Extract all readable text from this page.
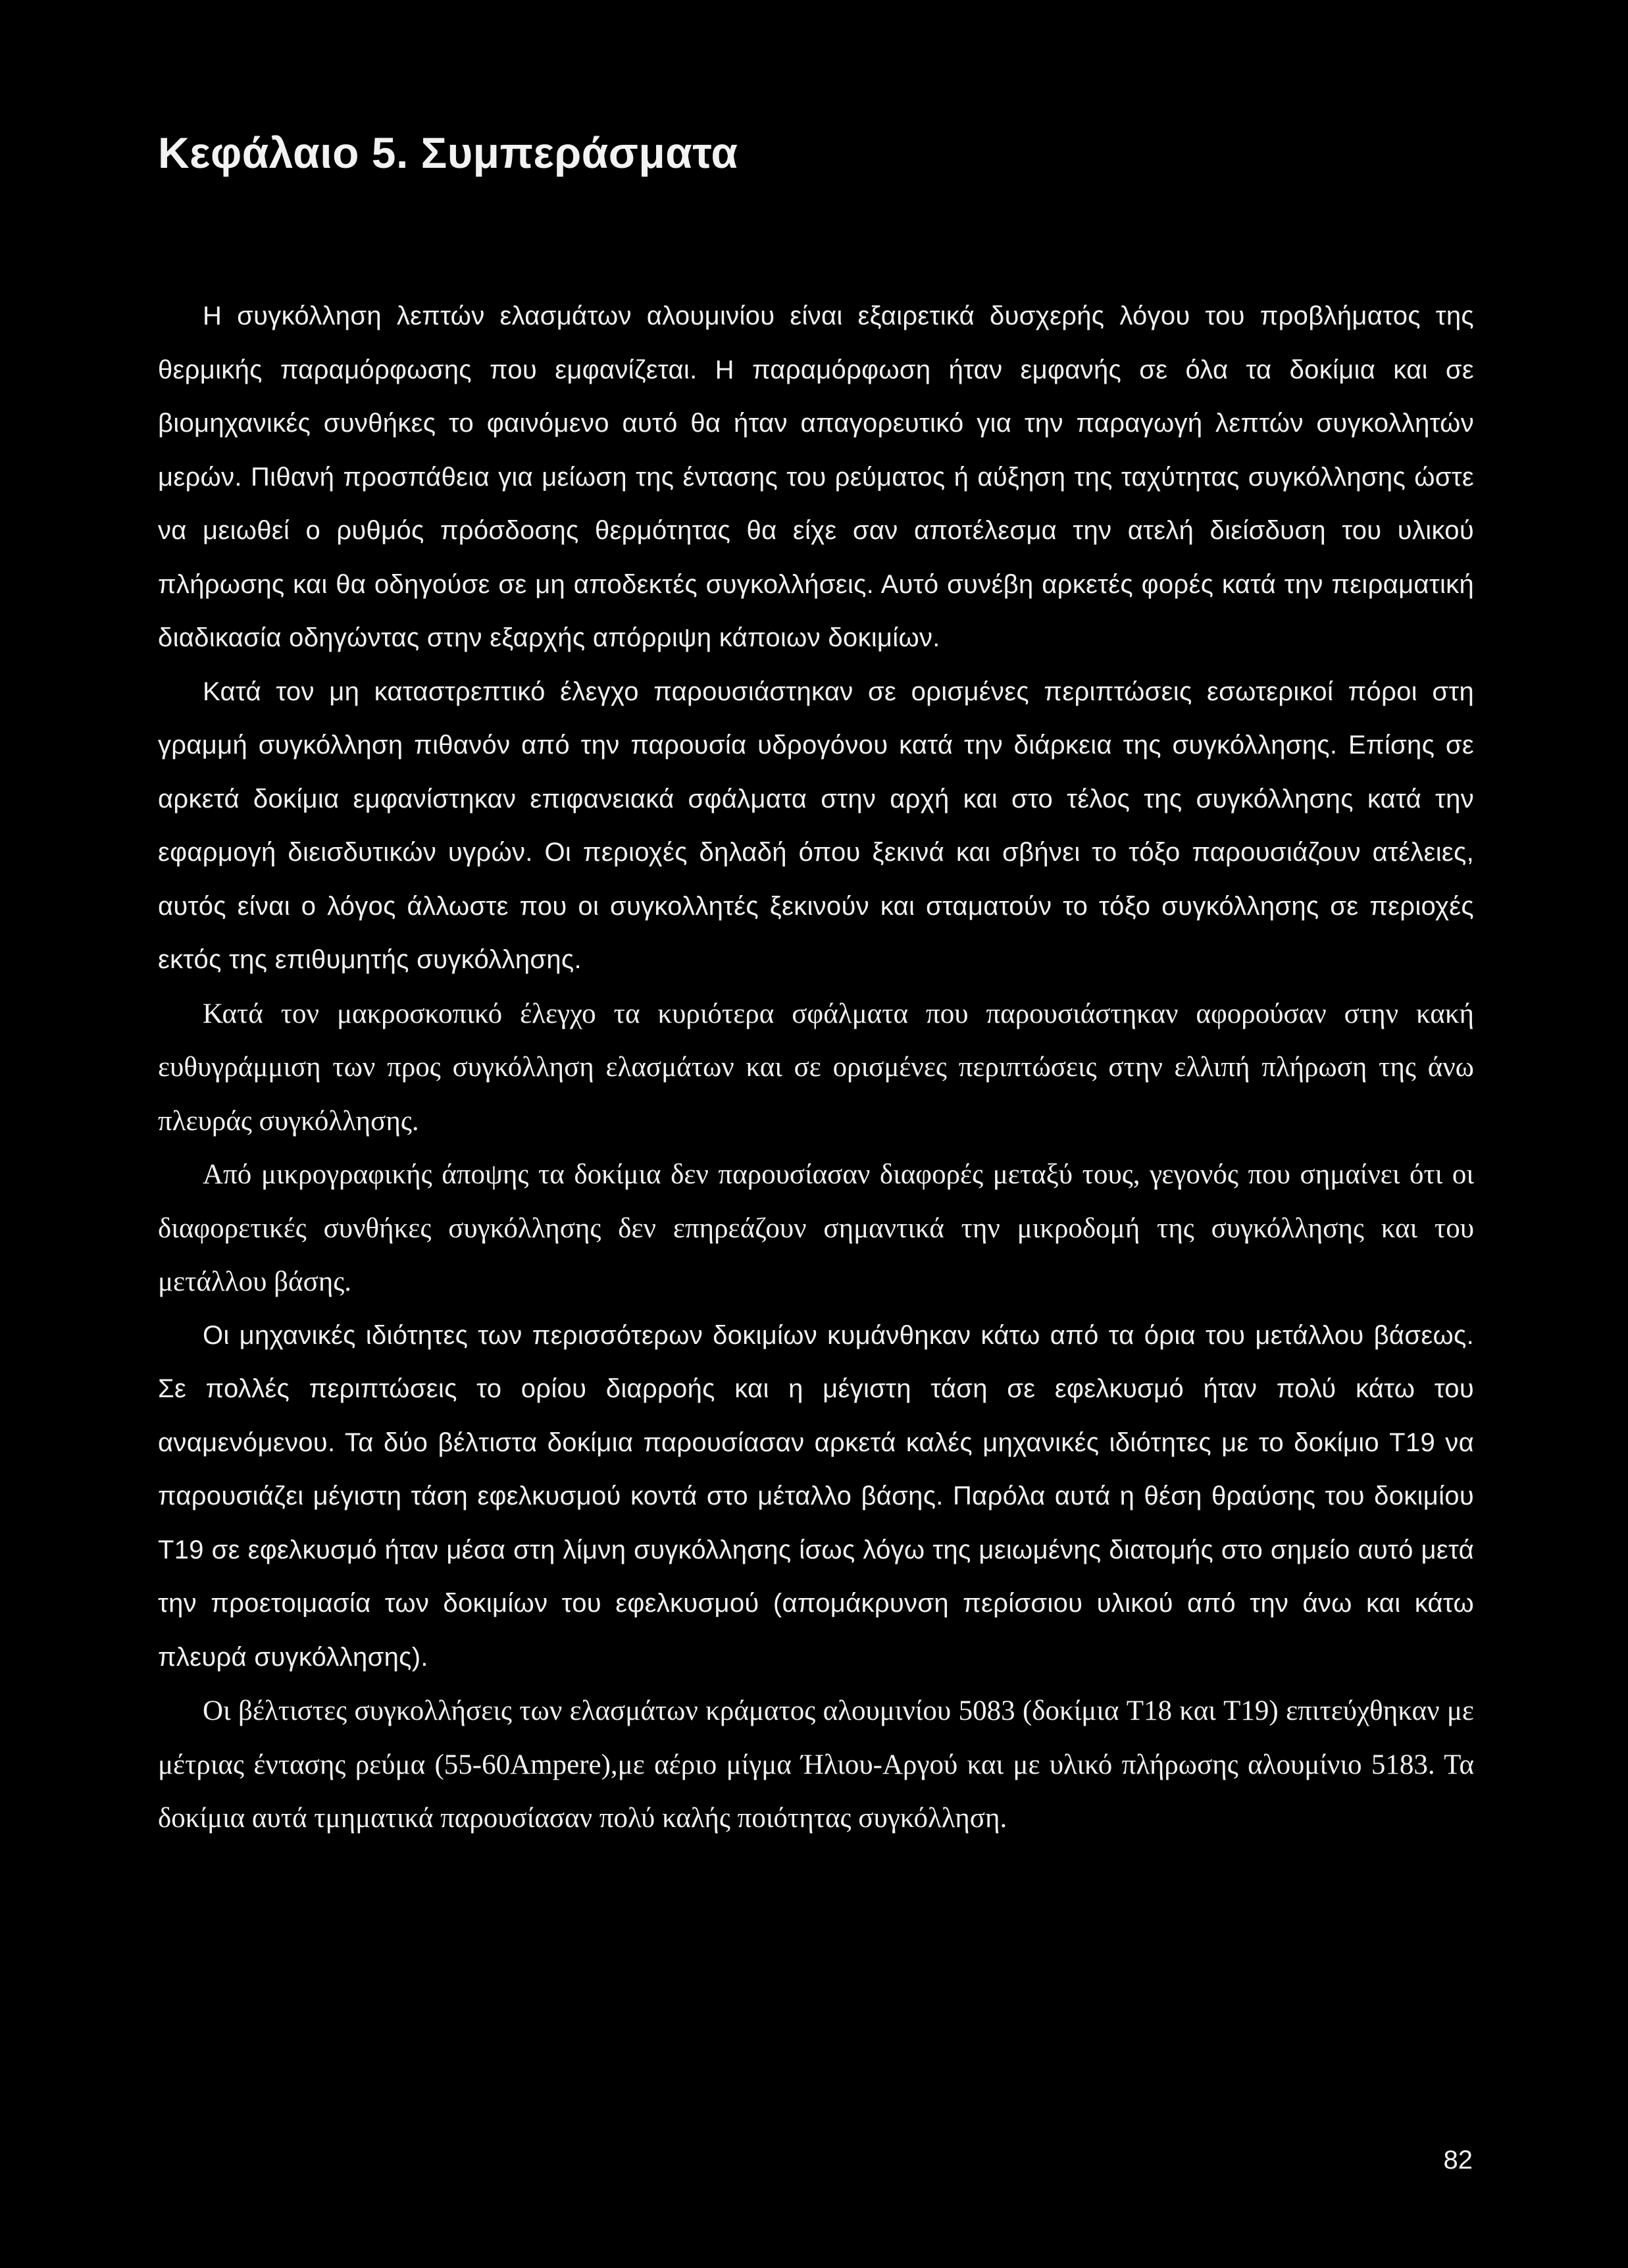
Κεφάλαιο 5. Συμπεράσματα

Η συγκόλληση λεπτών ελασμάτων αλουμινίου είναι εξαιρετικά δυσχερής λόγου του προβλήματος της θερμικής παραμόρφωσης που εμφανίζεται. Η παραμόρφωση ήταν εμφανής σε όλα τα δοκίμια και σε βιομηχανικές συνθήκες το φαινόμενο αυτό θα ήταν απαγορευτικό για την παραγωγή λεπτών συγκολλητών μερών. Πιθανή προσπάθεια για μείωση της έντασης του ρεύματος ή αύξηση της ταχύτητας συγκόλλησης ώστε να μειωθεί ο ρυθμός πρόσδοσης θερμότητας θα είχε σαν αποτέλεσμα την ατελή διείσδυση του υλικού πλήρωσης και θα οδηγούσε σε μη αποδεκτές συγκολλήσεις. Αυτό συνέβη αρκετές φορές κατά την πειραματική διαδικασία οδηγώντας στην εξαρχής απόρριψη κάποιων δοκιμίων.

Κατά τον μη καταστρεπτικό έλεγχο παρουσιάστηκαν σε ορισμένες περιπτώσεις εσωτερικοί πόροι στη γραμμή συγκόλληση πιθανόν από την παρουσία υδρογόνου κατά την διάρκεια της συγκόλλησης. Επίσης σε αρκετά δοκίμια εμφανίστηκαν επιφανειακά σφάλματα στην αρχή και στο τέλος της συγκόλλησης κατά την εφαρμογή διεισδυτικών υγρών. Οι περιοχές δηλαδή όπου ξεκινά και σβήνει το τόξο παρουσιάζουν ατέλειες, αυτός είναι ο λόγος άλλωστε που οι συγκολλητές ξεκινούν και σταματούν το τόξο συγκόλλησης σε περιοχές εκτός της επιθυμητής συγκόλλησης.

Κατά τον μακροσκοπικό έλεγχο τα κυριότερα σφάλματα που παρουσιάστηκαν αφορούσαν στην κακή ευθυγράμμιση των προς συγκόλληση ελασμάτων και σε ορισμένες περιπτώσεις στην ελλιπή πλήρωση της άνω πλευράς συγκόλλησης.

Από μικρογραφικής άποψης τα δοκίμια δεν παρουσίασαν διαφορές μεταξύ τους, γεγονός που σημαίνει ότι οι διαφορετικές συνθήκες συγκόλλησης δεν επηρεάζουν σημαντικά την μικροδομή της συγκόλλησης και του μετάλλου βάσης.

Οι μηχανικές ιδιότητες των περισσότερων δοκιμίων κυμάνθηκαν κάτω από τα όρια του μετάλλου βάσεως. Σε πολλές περιπτώσεις το ορίου διαρροής και η μέγιστη τάση σε εφελκυσμό ήταν πολύ κάτω του αναμενόμενου. Τα δύο βέλτιστα δοκίμια παρουσίασαν αρκετά καλές μηχανικές ιδιότητες με το δοκίμιο T19 να παρουσιάζει μέγιστη τάση εφελκυσμού κοντά στο μέταλλο βάσης. Παρόλα αυτά η θέση θραύσης του δοκιμίου T19 σε εφελκυσμό ήταν μέσα στη λίμνη συγκόλλησης ίσως λόγω της μειωμένης διατομής στο σημείο αυτό μετά την προετοιμασία των δοκιμίων του εφελκυσμού (απομάκρυνση περίσσιου υλικού από την άνω και κάτω πλευρά συγκόλλησης).

Οι βέλτιστες συγκολλήσεις των ελασμάτων κράματος αλουμινίου 5083 (δοκίμια T18 και T19) επιτεύχθηκαν με μέτριας έντασης ρεύμα (55-60Ampere),με αέριο μίγμα Ήλιου-Αργού και με υλικό πλήρωσης αλουμίνιο 5183. Τα δοκίμια αυτά τμηματικά παρουσίασαν πολύ καλής ποιότητας συγκόλληση.

82
